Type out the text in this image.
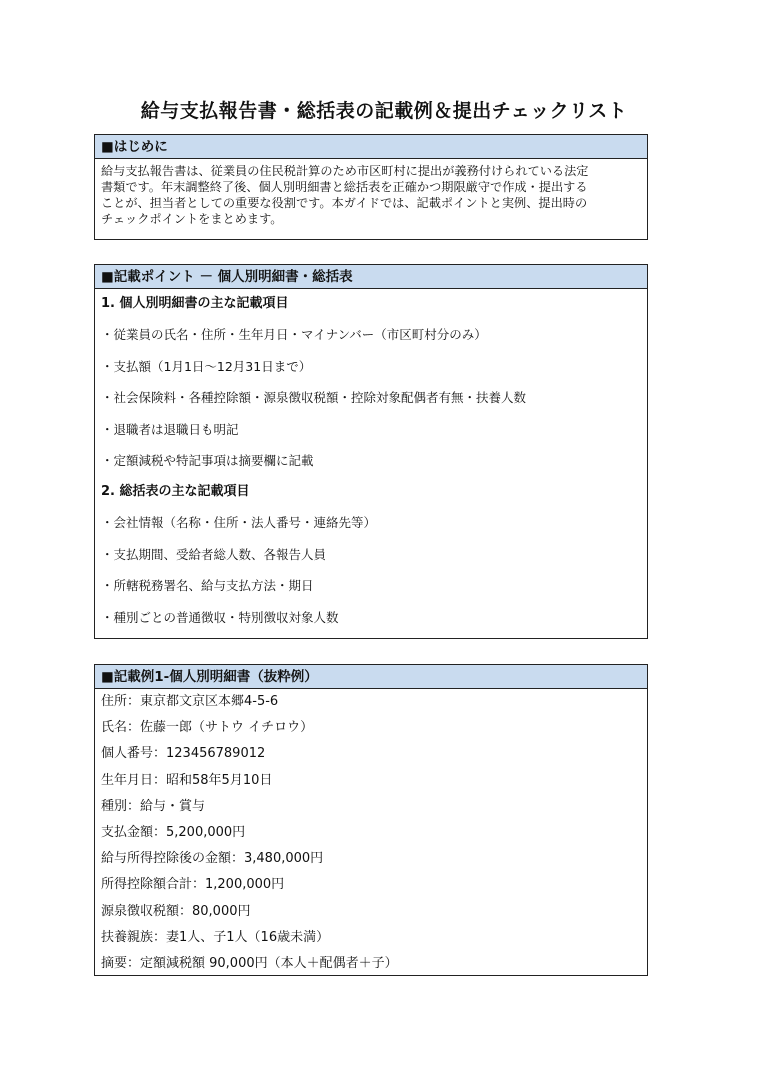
給与支払報告書・総括表の記載例＆提出チェックリスト
■はじめに
給与支払報告書は、従業員の住民税計算のため市区町村に提出が義務付けられている法定
書類です。年末調整終了後、個人別明細書と総括表を正確かつ期限厳守で作成・提出する
ことが、担当者としての重要な役割です。本ガイドでは、記載ポイントと実例、提出時の
チェックポイントをまとめます。
■記載ポイント － 個人別明細書・総括表
1. 個人別明細書の主な記載項目
・従業員の氏名・住所・生年月日・マイナンバー（市区町村分のみ）
・支払額（1月1日〜12月31日まで）
・社会保険料・各種控除額・源泉徴収税額・控除対象配偶者有無・扶養人数
・退職者は退職日も明記
・定額減税や特記事項は摘要欄に記載
2. 総括表の主な記載項目
・会社情報（名称・住所・法人番号・連絡先等）
・支払期間、受給者総人数、各報告人員
・所轄税務署名、給与支払方法・期日
・種別ごとの普通徴収・特別徴収対象人数
■記載例1-個人別明細書（抜粋例）
住所：東京都文京区本郷4-5-6
氏名：佐藤一郎（サトウ イチロウ）
個人番号：123456789012
生年月日：昭和58年5月10日
種別：給与・賞与
支払金額：5,200,000円
給与所得控除後の金額：3,480,000円
所得控除額合計：1,200,000円
源泉徴収税額：80,000円
扶養親族：妻1人、子1人（16歳未満）
摘要：定額減税額 90,000円（本人＋配偶者＋子）
